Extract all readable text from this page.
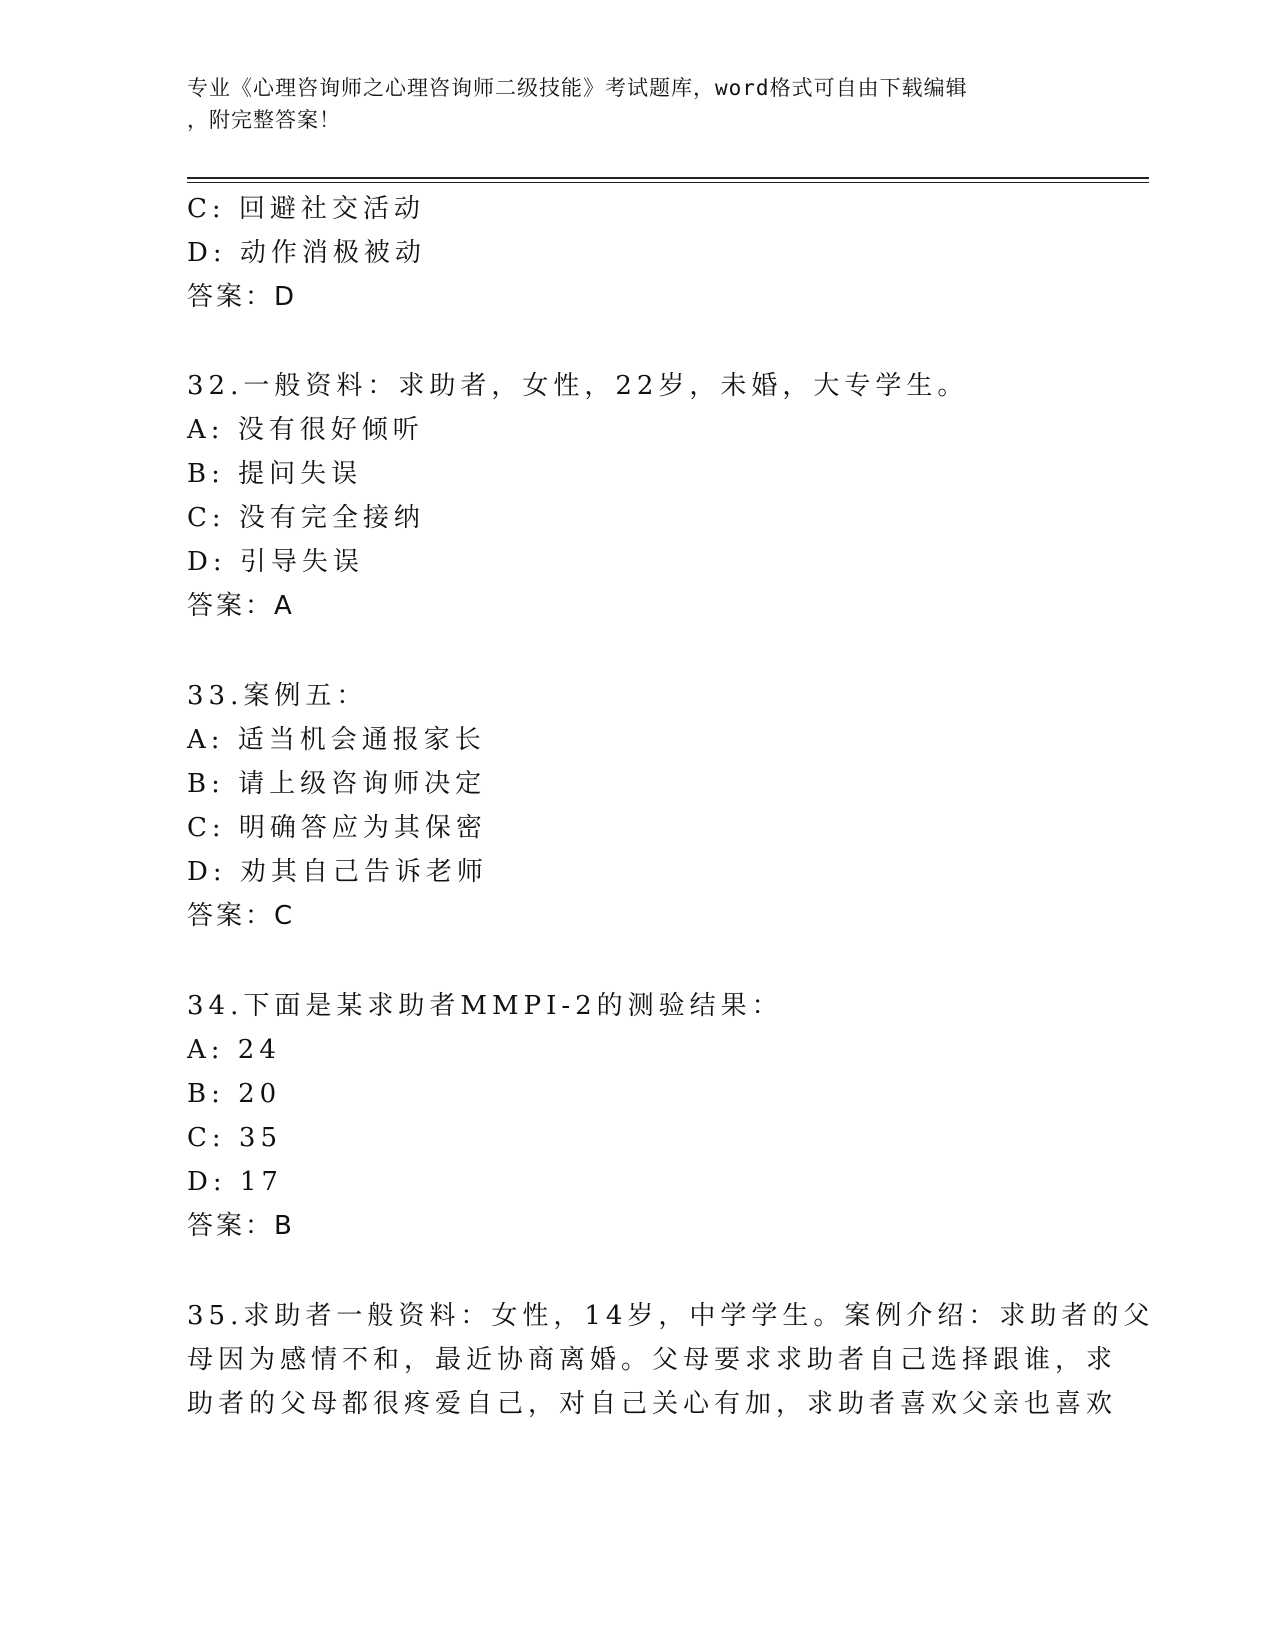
专业《心理咨询师之心理咨询师二级技能》考试题库，word格式可自由下载编辑
，附完整答案！
C: 回避社交活动
D: 动作消极被动
答案：D
32.一般资料：求助者，女性，22岁，未婚，大专学生。
A: 没有很好倾听
B: 提问失误
C: 没有完全接纳
D: 引导失误
答案：A
33.案例五：
A: 适当机会通报家长
B: 请上级咨询师决定
C: 明确答应为其保密
D: 劝其自己告诉老师
答案：C
34.下面是某求助者MMPI-2的测验结果：
A: 24
B: 20
C: 35
D: 17
答案：B
35.求助者一般资料：女性，14岁，中学学生。案例介绍：求助者的父
母因为感情不和，最近协商离婚。父母要求求助者自己选择跟谁，求
助者的父母都很疼爱自己，对自己关心有加，求助者喜欢父亲也喜欢
